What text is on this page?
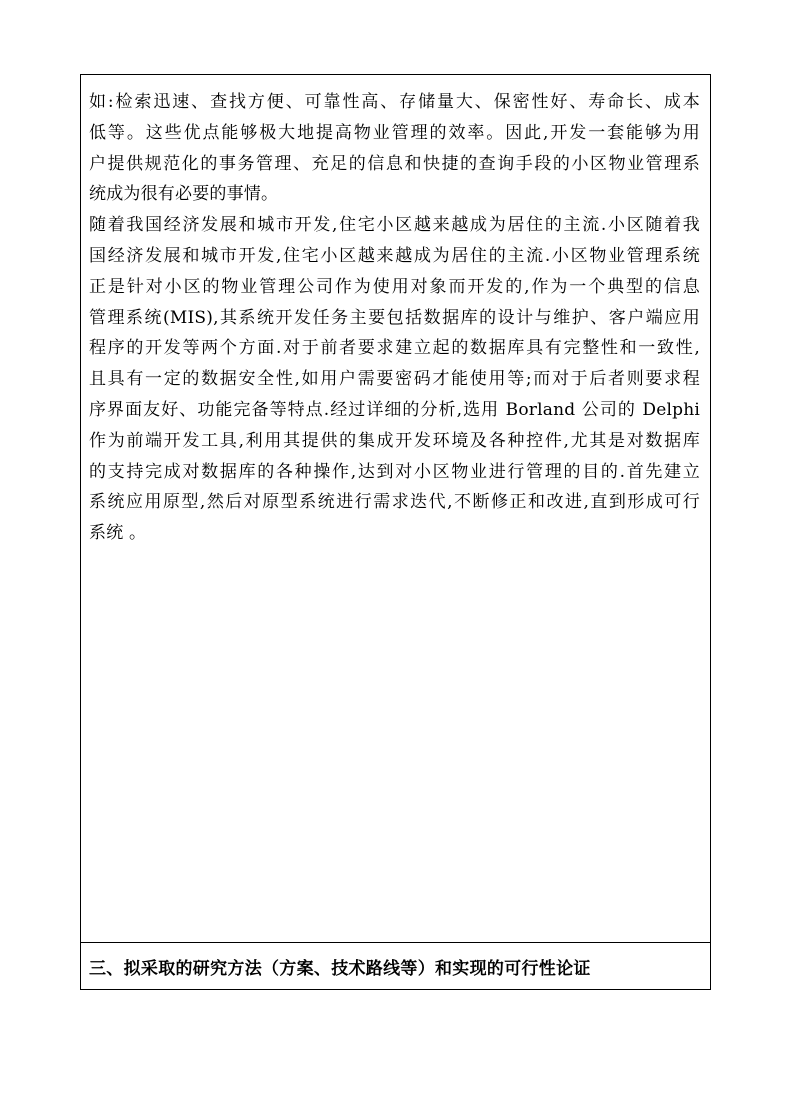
如:检索迅速、查找方便、可靠性高、存储量大、保密性好、寿命长、成本
低等。这些优点能够极大地提高物业管理的效率。因此,开发一套能够为用
户提供规范化的事务管理、充足的信息和快捷的查询手段的小区物业管理系
统成为很有必要的事情。

随着我国经济发展和城市开发,住宅小区越来越成为居住的主流.小区随着我
国经济发展和城市开发,住宅小区越来越成为居住的主流.小区物业管理系统
正是针对小区的物业管理公司作为使用对象而开发的,作为一个典型的信息
管理系统(MIS),其系统开发任务主要包括数据库的设计与维护、客户端应用
程序的开发等两个方面.对于前者要求建立起的数据库具有完整性和一致性,
且具有一定的数据安全性,如用户需要密码才能使用等;而对于后者则要求程
序界面友好、功能完备等特点.经过详细的分析,选用 Borland 公司的 Delphi
作为前端开发工具,利用其提供的集成开发环境及各种控件,尤其是对数据库
的支持完成对数据库的各种操作,达到对小区物业进行管理的目的.首先建立
系统应用原型,然后对原型系统进行需求迭代,不断修正和改进,直到形成可行
系统 。

三、拟采取的研究方法（方案、技术路线等）和实现的可行性论证
